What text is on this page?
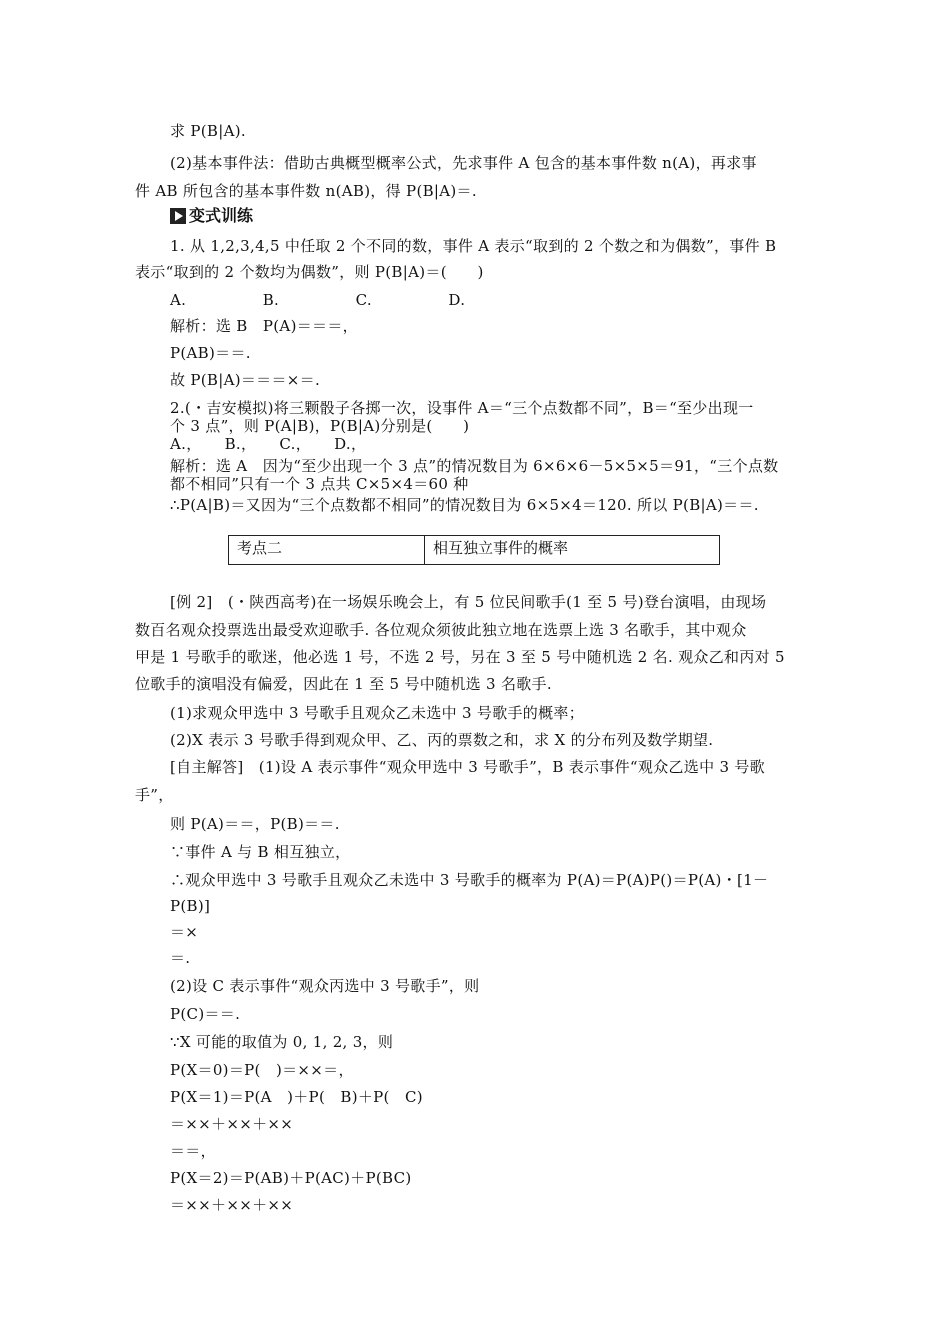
求 P(B|A).
(2)基本事件法：借助古典概型概率公式，先求事件 A 包含的基本事件数 n(A)，再求事
件 AB 所包含的基本事件数 n(AB)，得 P(B|A)＝.
1. 从 1,2,3,4,5 中任取 2 个不同的数，事件 A 表示“取到的 2 个数之和为偶数”，事件 B
表示“取到的 2 个数均为偶数”，则 P(B|A)＝(　　)
A.　　　　　B.　　　　　C.　　　　　D.
解析：选 B　P(A)＝＝＝，
P(AB)＝＝.
故 P(B|A)＝＝＝×＝.
2.(・吉安模拟)将三颗骰子各掷一次，设事件 A＝“三个点数都不同”，B＝“至少出现一
个 3 点”，则 P(A|B)，P(B|A)分别是(　　)
A.，　　B.，　　C.，　　D.，
解析：选 A　因为“至少出现一个 3 点”的情况数目为 6×6×6－5×5×5＝91，“三个点数
都不相同”只有一个 3 点共 C×5×4＝60 种
∴P(A|B)＝又因为“三个点数都不相同”的情况数目为 6×5×4＝120. 所以 P(B|A)＝＝.
[例 2]　(・陕西高考)在一场娱乐晚会上，有 5 位民间歌手(1 至 5 号)登台演唱，由现场
数百名观众投票选出最受欢迎歌手. 各位观众须彼此独立地在选票上选 3 名歌手，其中观众
甲是 1 号歌手的歌迷，他必选 1 号，不选 2 号，另在 3 至 5 号中随机选 2 名. 观众乙和丙对 5
位歌手的演唱没有偏爱，因此在 1 至 5 号中随机选 3 名歌手.
(1)求观众甲选中 3 号歌手且观众乙未选中 3 号歌手的概率；
(2)X 表示 3 号歌手得到观众甲、乙、丙的票数之和，求 X 的分布列及数学期望.
[自主解答]　(1)设 A 表示事件“观众甲选中 3 号歌手”，B 表示事件“观众乙选中 3 号歌
手”，
则 P(A)＝＝，P(B)＝＝.
∵事件 A 与 B 相互独立，
∴观众甲选中 3 号歌手且观众乙未选中 3 号歌手的概率为 P(A)＝P(A)P()＝P(A)・[1－
P(B)]
＝×
＝.
(2)设 C 表示事件“观众丙选中 3 号歌手”，则
P(C)＝＝.
∵X 可能的取值为 0, 1, 2, 3，则
P(X＝0)＝P(　)＝××＝，
P(X＝1)＝P(A　)＋P(　B)＋P(　C)
＝××＋××＋××
＝＝，
P(X＝2)＝P(AB)＋P(AC)＋P(BC)
＝××＋××＋××
变式训练
考点二	相互独立事件的概率
